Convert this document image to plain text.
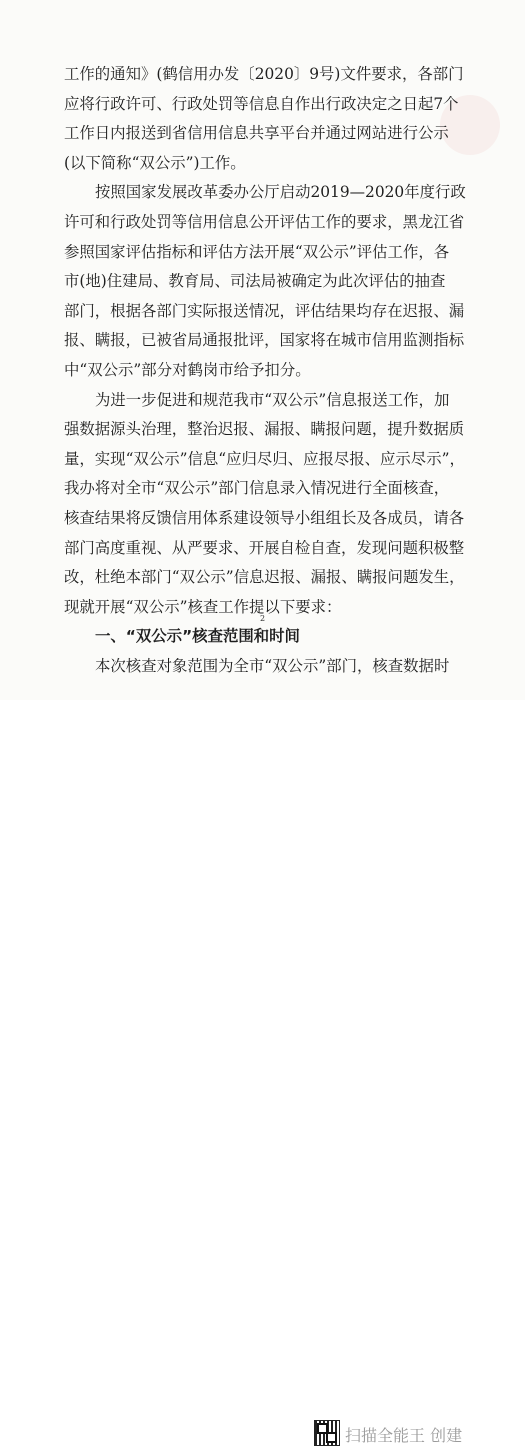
工作的通知》(鹤信用办发〔2020〕9号)文件要求，各部门
应将行政许可、行政处罚等信息自作出行政决定之日起7个
工作日内报送到省信用信息共享平台并通过网站进行公示
(以下简称“双公示”)工作。
按照国家发展改革委办公厅启动2019—2020年度行政
许可和行政处罚等信用信息公开评估工作的要求，黑龙江省
参照国家评估指标和评估方法开展“双公示”评估工作，各
市(地)住建局、教育局、司法局被确定为此次评估的抽查
部门，根据各部门实际报送情况，评估结果均存在迟报、漏
报、瞒报，已被省局通报批评，国家将在城市信用监测指标
中“双公示”部分对鹤岗市给予扣分。
为进一步促进和规范我市“双公示”信息报送工作，加
强数据源头治理，整治迟报、漏报、瞒报问题，提升数据质
量，实现“双公示”信息“应归尽归、应报尽报、应示尽示”，
我办将对全市“双公示”部门信息录入情况进行全面核查，
核查结果将反馈信用体系建设领导小组组长及各成员，请各
部门高度重视、从严要求、开展自检自查，发现问题积极整
改，杜绝本部门“双公示”信息迟报、漏报、瞒报问题发生，
现就开展“双公示”核查工作提以下要求：
一、“双公示”核查范围和时间
本次核查对象范围为全市“双公示”部门，核查数据时
2
扫描全能王 创建
